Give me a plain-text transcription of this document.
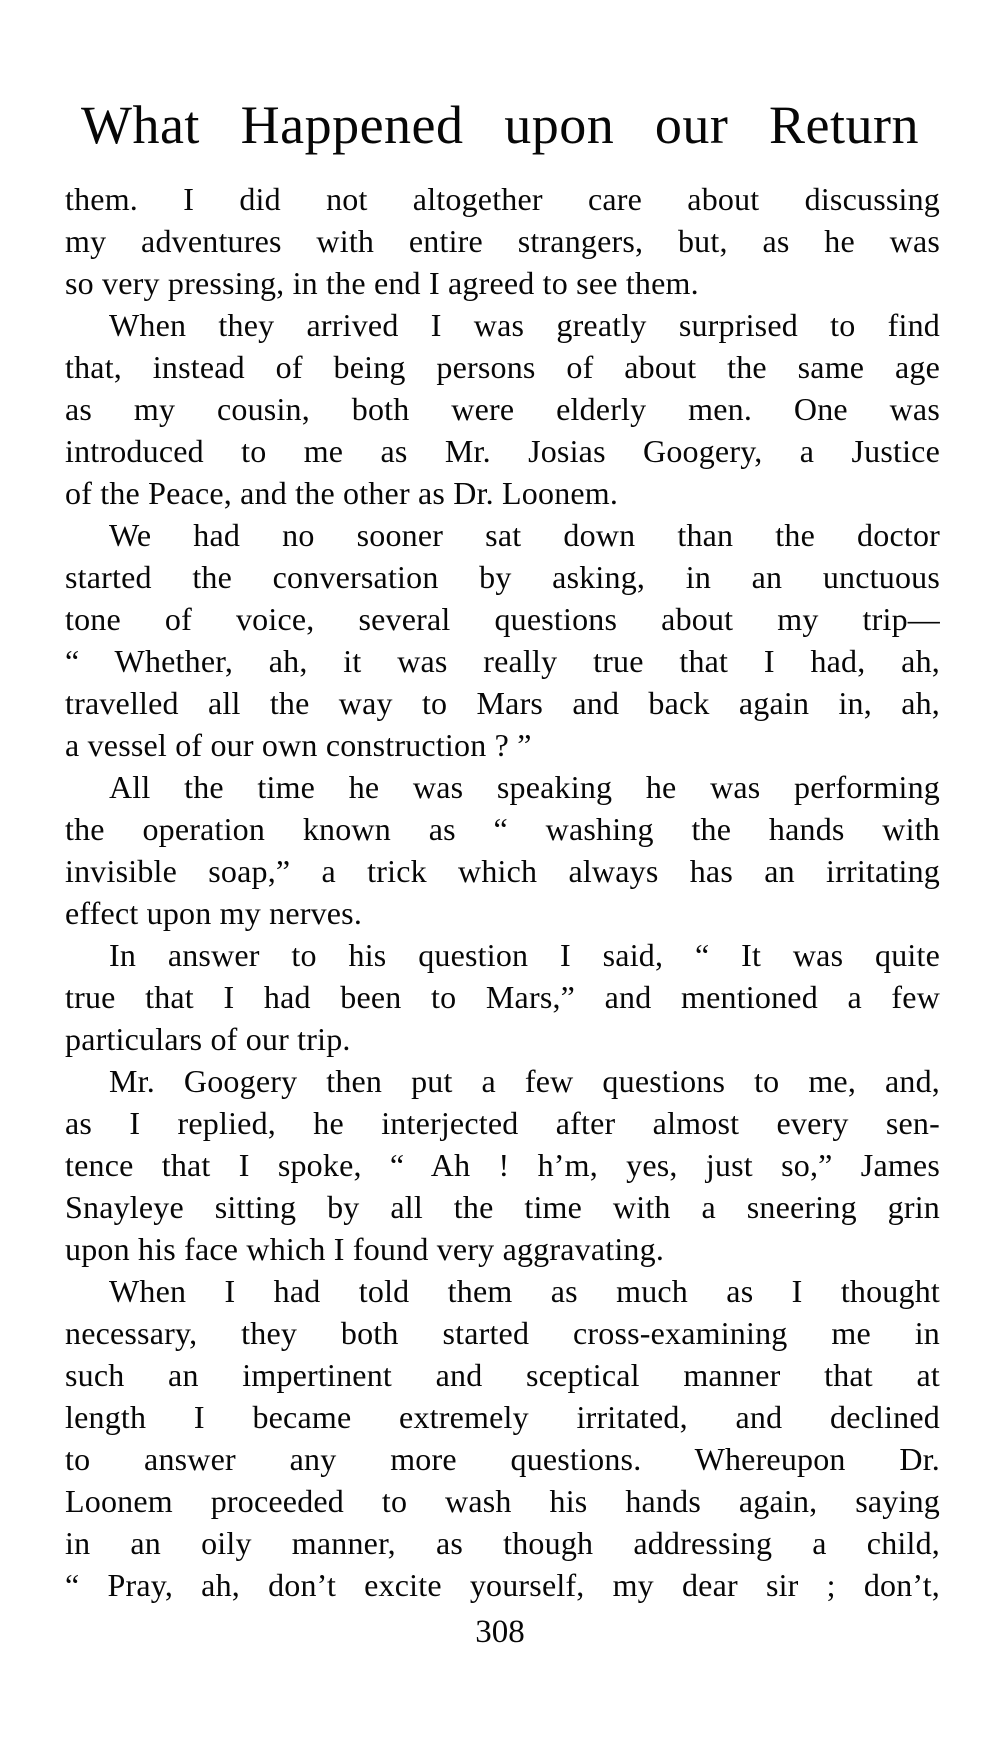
What Happened upon our Return
them. I did not altogether care about discussing
my adventures with entire strangers, but, as he was
so very pressing, in the end I agreed to see them.
When they arrived I was greatly surprised to find
that, instead of being persons of about the same age
as my cousin, both were elderly men. One was
introduced to me as Mr. Josias Googery, a Justice
of the Peace, and the other as Dr. Loonem.
We had no sooner sat down than the doctor
started the conversation by asking, in an unctuous
tone of voice, several questions about my trip—
“ Whether, ah, it was really true that I had, ah,
travelled all the way to Mars and back again in, ah,
a vessel of our own construction ? ”
All the time he was speaking he was performing
the operation known as “ washing the hands with
invisible soap,” a trick which always has an irritating
effect upon my nerves.
In answer to his question I said, “ It was quite
true that I had been to Mars,” and mentioned a few
particulars of our trip.
Mr. Googery then put a few questions to me, and,
as I replied, he interjected after almost every sen-
tence that I spoke, “ Ah ! h’m, yes, just so,” James
Snayleye sitting by all the time with a sneering grin
upon his face which I found very aggravating.
When I had told them as much as I thought
necessary, they both started cross-examining me in
such an impertinent and sceptical manner that at
length I became extremely irritated, and declined
to answer any more questions. Whereupon Dr.
Loonem proceeded to wash his hands again, saying
in an oily manner, as though addressing a child,
“ Pray, ah, don’t excite yourself, my dear sir ; don’t,
308
